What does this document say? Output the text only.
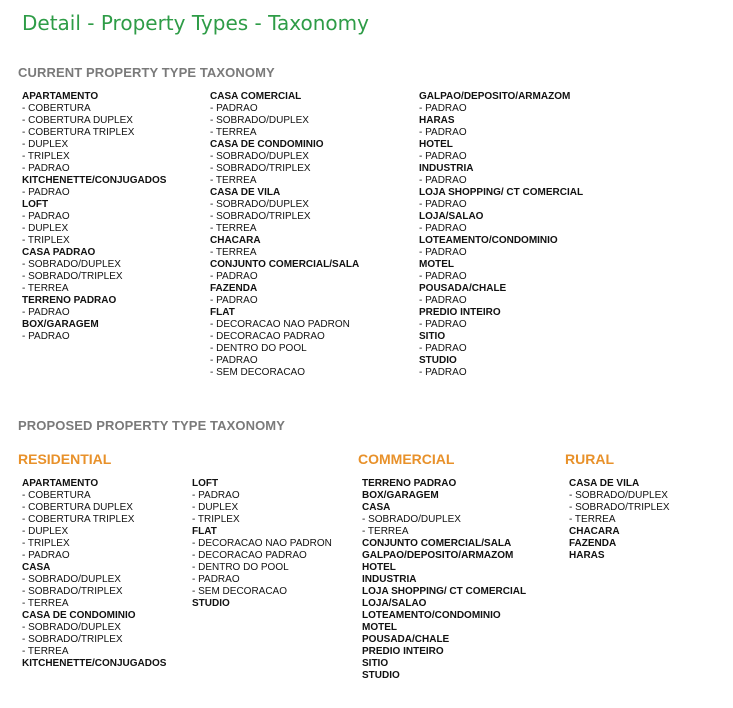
Detail - Property Types - Taxonomy
CURRENT PROPERTY TYPE TAXONOMY
APARTAMENTO
- COBERTURA
- COBERTURA DUPLEX
- COBERTURA TRIPLEX
- DUPLEX
- TRIPLEX
- PADRAO
KITCHENETTE/CONJUGADOS
- PADRAO
LOFT
- PADRAO
- DUPLEX
- TRIPLEX
CASA PADRAO
- SOBRADO/DUPLEX
- SOBRADO/TRIPLEX
- TERREA
TERRENO PADRAO
- PADRAO
BOX/GARAGEM
- PADRAO
CASA COMERCIAL
- PADRAO
- SOBRADO/DUPLEX
- TERREA
CASA DE CONDOMINIO
- SOBRADO/DUPLEX
- SOBRADO/TRIPLEX
- TERREA
CASA DE VILA
- SOBRADO/DUPLEX
- SOBRADO/TRIPLEX
- TERREA
CHACARA
- TERREA
CONJUNTO COMERCIAL/SALA
- PADRAO
FAZENDA
- PADRAO
FLAT
- DECORACAO NAO PADRON
- DECORACAO PADRAO
- DENTRO DO POOL
- PADRAO
- SEM DECORACAO
GALPAO/DEPOSITO/ARMAZOM
- PADRAO
HARAS
- PADRAO
HOTEL
- PADRAO
INDUSTRIA
- PADRAO
LOJA SHOPPING/ CT COMERCIAL
- PADRAO
LOJA/SALAO
- PADRAO
LOTEAMENTO/CONDOMINIO
- PADRAO
MOTEL
- PADRAO
POUSADA/CHALE
- PADRAO
PREDIO INTEIRO
- PADRAO
SITIO
- PADRAO
STUDIO
- PADRAO
PROPOSED PROPERTY TYPE TAXONOMY
RESIDENTIAL	COMMERCIAL	RURAL
APARTAMENTO
- COBERTURA
- COBERTURA DUPLEX
- COBERTURA TRIPLEX
- DUPLEX
- TRIPLEX
- PADRAO
CASA
- SOBRADO/DUPLEX
- SOBRADO/TRIPLEX
- TERREA
CASA DE CONDOMINIO
- SOBRADO/DUPLEX
- SOBRADO/TRIPLEX
- TERREA
KITCHENETTE/CONJUGADOS
LOFT
- PADRAO
- DUPLEX
- TRIPLEX
FLAT
- DECORACAO NAO PADRON
- DECORACAO PADRAO
- DENTRO DO POOL
- PADRAO
- SEM DECORACAO
STUDIO
TERRENO PADRAO
BOX/GARAGEM
CASA
- SOBRADO/DUPLEX
- TERREA
CONJUNTO COMERCIAL/SALA
GALPAO/DEPOSITO/ARMAZOM
HOTEL
INDUSTRIA
LOJA SHOPPING/ CT COMERCIAL
LOJA/SALAO
LOTEAMENTO/CONDOMINIO
MOTEL
POUSADA/CHALE
PREDIO INTEIRO
SITIO
STUDIO
CASA DE VILA
- SOBRADO/DUPLEX
- SOBRADO/TRIPLEX
- TERREA
CHACARA
FAZENDA
HARAS
